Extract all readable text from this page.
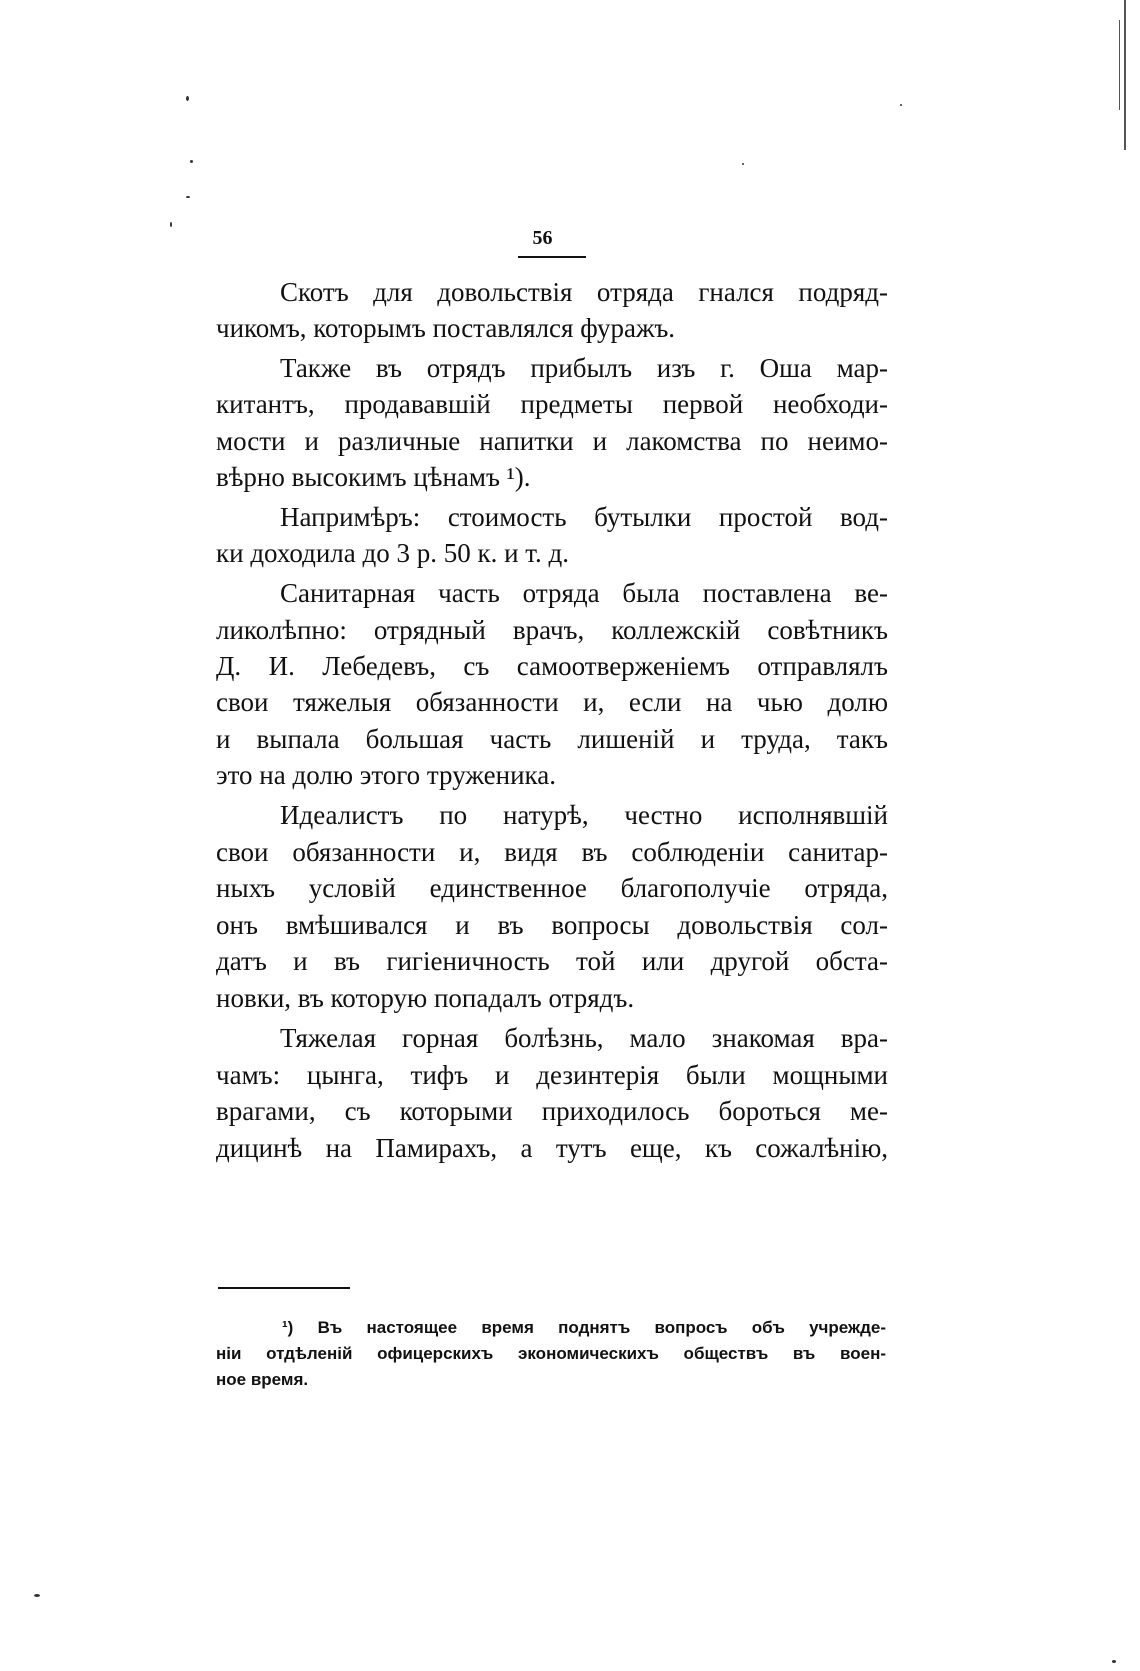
56
Скотъ для довольствія отряда гнался подряд-
чикомъ, которымъ поставлялся фуражъ.
Также въ отрядъ прибылъ изъ г. Оша мар-
китантъ, продававшій предметы первой необходи-
мости и различные напитки и лакомства по неимо-
вѣрно высокимъ цѣнамъ ¹).
Напримѣръ: стоимость бутылки простой вод-
ки доходила до 3 р. 50 к. и т. д.
Санитарная часть отряда была поставлена ве-
ликолѣпно: отрядный врачъ, коллежскій совѣтникъ
Д. И. Лебедевъ, съ самоотверженіемъ отправлялъ
свои тяжелыя обязанности и, если на чью долю
и выпала большая часть лишеній и труда, такъ
это на долю этого труженика.
Идеалистъ по натурѣ, честно исполнявшій
свои обязанности и, видя въ соблюденіи санитар-
ныхъ условій единственное благополучіе отряда,
онъ вмѣшивался и въ вопросы довольствія сол-
датъ и въ гигіеничность той или другой обста-
новки, въ которую попадалъ отрядъ.
Тяжелая горная болѣзнь, мало знакомая вра-
чамъ: цынга, тифъ и дезинтерія были мощными
врагами, съ которыми приходилось бороться ме-
дицинѣ на Памирахъ, а тутъ еще, къ сожалѣнію,
¹) Въ настоящее время поднятъ вопросъ объ учрежде-
ніи отдѣленій офицерскихъ экономическихъ обществъ въ воен-
ное время.
